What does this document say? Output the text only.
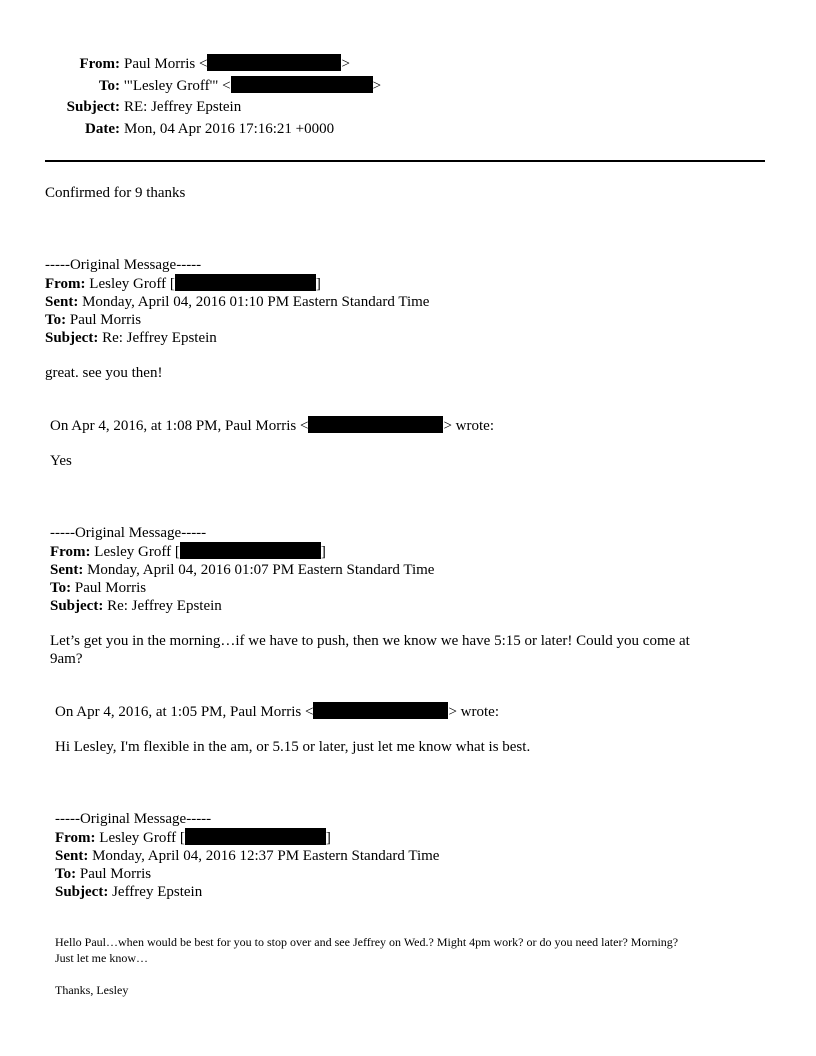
From: Paul Morris <	>
To: '"Lesley Groff'" <	>
Subject: RE: Jeffrey Epstein
Date: Mon, 04 Apr 2016 17:16:21 +0000
Confirmed for 9 thanks
-----Original Message-----
From: Lesley Groff [	]
Sent: Monday, April 04, 2016 01:10 PM Eastern Standard Time
To: Paul Morris
Subject: Re: Jeffrey Epstein
great. see you then!
On Apr 4, 2016, at 1:08 PM, Paul Morris <	> wrote:
Yes
-----Original Message-----
From: Lesley Groff [	]
Sent: Monday, April 04, 2016 01:07 PM Eastern Standard Time
To: Paul Morris
Subject: Re: Jeffrey Epstein
Let’s get you in the morning…if we have to push, then we know we have 5:15 or later! Could you come at
9am?
On Apr 4, 2016, at 1:05 PM, Paul Morris <	> wrote:
Hi Lesley, I'm flexible in the am, or 5.15 or later, just let me know what is best.
-----Original Message-----
From: Lesley Groff [	]
Sent: Monday, April 04, 2016 12:37 PM Eastern Standard Time
To: Paul Morris
Subject: Jeffrey Epstein
Hello Paul…when would be best for you to stop over and see Jeffrey on Wed.? Might 4pm work? or do you need later? Morning?
Just let me know…
Thanks, Lesley
